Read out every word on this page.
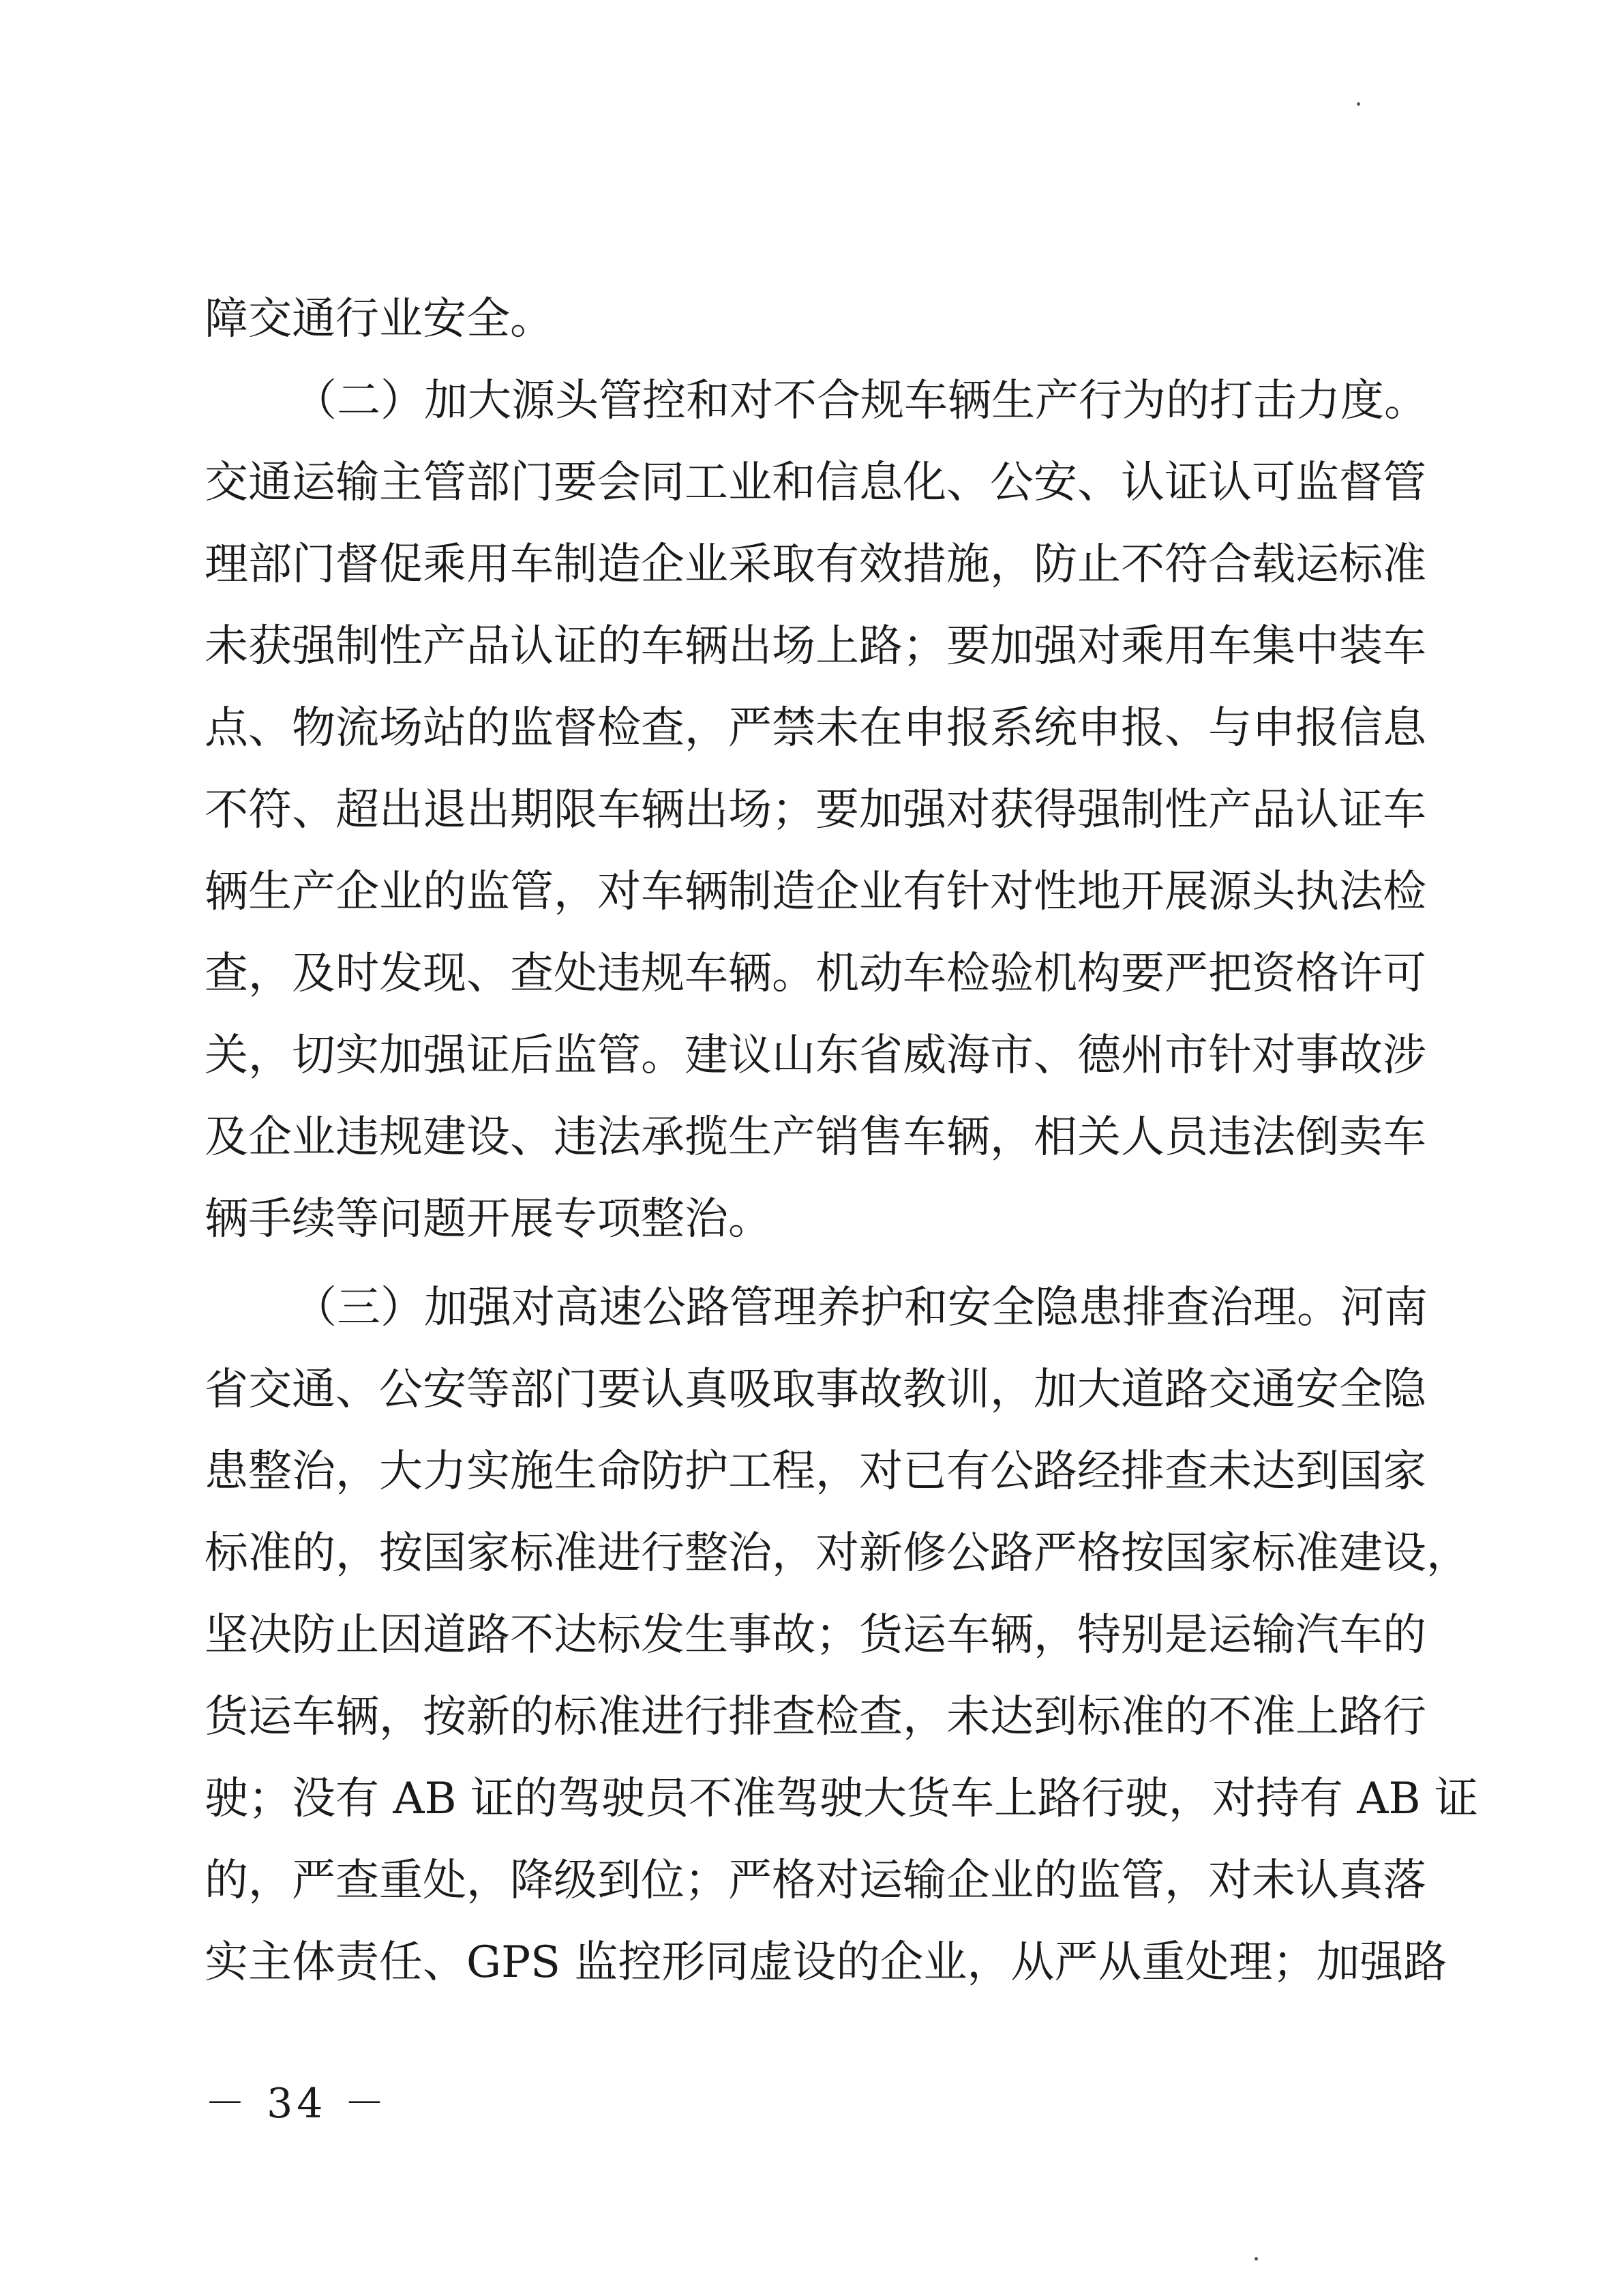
障交通行业安全。
（二）加大源头管控和对不合规车辆生产行为的打击力度。
交通运输主管部门要会同工业和信息化、公安、认证认可监督管
理部门督促乘用车制造企业采取有效措施，防止不符合载运标准
未获强制性产品认证的车辆出场上路；要加强对乘用车集中装车
点、物流场站的监督检查，严禁未在申报系统申报、与申报信息
不符、超出退出期限车辆出场；要加强对获得强制性产品认证车
辆生产企业的监管，对车辆制造企业有针对性地开展源头执法检
查，及时发现、查处违规车辆。机动车检验机构要严把资格许可
关，切实加强证后监管。建议山东省威海市、德州市针对事故涉
及企业违规建设、违法承揽生产销售车辆，相关人员违法倒卖车
辆手续等问题开展专项整治。
（三）加强对高速公路管理养护和安全隐患排查治理。河南
省交通、公安等部门要认真吸取事故教训，加大道路交通安全隐
患整治，大力实施生命防护工程，对已有公路经排查未达到国家
标准的，按国家标准进行整治，对新修公路严格按国家标准建设，
坚决防止因道路不达标发生事故；货运车辆，特别是运输汽车的
货运车辆，按新的标准进行排查检查，未达到标准的不准上路行
驶；没有 AB 证的驾驶员不准驾驶大货车上路行驶，对持有 AB 证
的，严查重处，降级到位；严格对运输企业的监管，对未认真落
实主体责任、GPS 监控形同虚设的企业，从严从重处理；加强路
－ 34 －
